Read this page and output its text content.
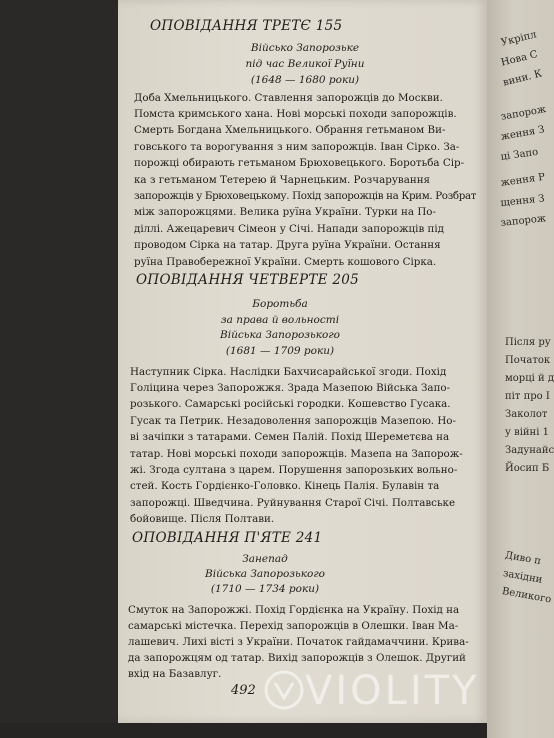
ОПОВІДАННЯ ТРЕТЄ 155
Військо Запорозьке
під час Великої Руїни
(1648 — 1680 роки)
Доба Хмельницького. Ставлення запорожців до Москви.
Помста кримського хана. Нові морські походи запорожців.
Смерть Богдана Хмельницького. Обрання гетьманом Ви-
говського та ворогування з ним запорожців. Іван Сірко. За-
порожці обирають гетьманом Брюховецького. Боротьба Сір-
ка з гетьманом Тетерею й Чарнецьким. Розчарування
запорожців у Брюховецькому. Похід запорожців на Крим. Розбрат
між запорожцями. Велика руїна України. Турки на По-
діллі. Ажецаревич Сімеон у Січі. Напади запорожців під
проводом Сірка на татар. Друга руїна України. Остання
руїна Правобережної України. Смерть кошового Сірка.
ОПОВІДАННЯ ЧЕТВЕРТЕ 205
Боротьба
за права й вольності
Війська Запорозького
(1681 — 1709 роки)
Наступник Сірка. Наслідки Бахчисарайської згоди. Похід
Голіцина через Запорожжя. Зрада Мазепою Війська Запо-
розького. Самарські російські городки. Кошевство Гусака.
Гусак та Петрик. Незадоволення запорожців Мазепою. Но-
ві зачіпки з татарами. Семен Палій. Похід Шереметєва на
татар. Нові морські походи запорожців. Мазепа на Запорож-
жі. Згода султана з царем. Порушення запорозьких вольно-
стей. Кость Гордієнко-Головко. Кінець Палія. Булавін та
запорожці. Шведчина. Руйнування Старої Січі. Полтавське
бойовище. Після Полтави.
ОПОВІДАННЯ П'ЯТЕ 241
Занепад
Війська Запорозького
(1710 — 1734 роки)
Смуток на Запорожжі. Похід Гордієнка на Україну. Похід на
самарські містечка. Перехід запорожців в Олешки. Іван Ма-
лашевич. Лихі вісті з України. Початок гайдамаччини. Крива-
да запорожцям од татар. Вихід запорожців з Олешок. Другий
вхід на Базавлуг.
492
Укріпл
Нова С
вини. К
запорож
ження З
ці Запо
ження Р
щення З
запорож
Після ру
Початок
морці й д
піт про І
Заколот
у війні 1
Задунайс
Йосип Б
Диво п
західни
Великого
VIOLITY
